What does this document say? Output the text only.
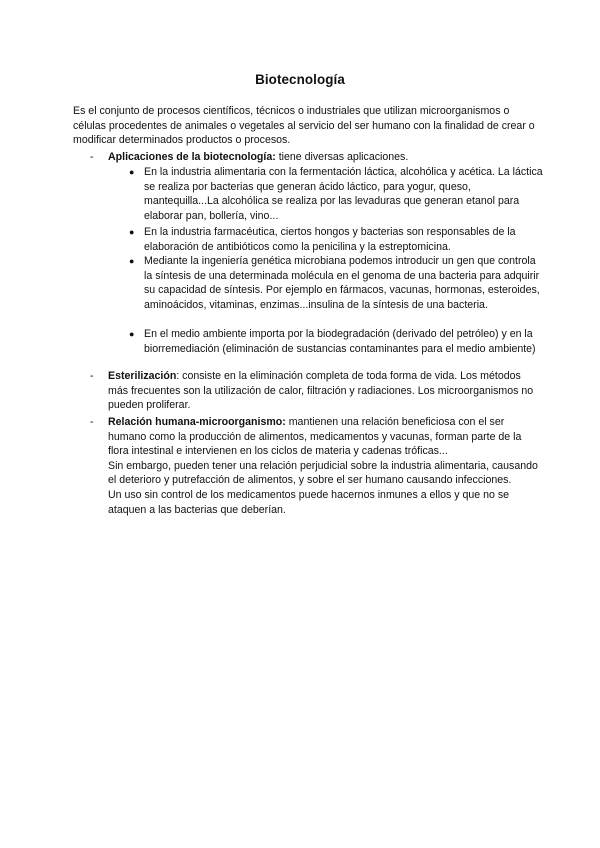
Biotecnología
Es el conjunto de procesos científicos, técnicos o industriales que utilizan microorganismos o células procedentes de animales o vegetales al servicio del ser humano con la finalidad de crear o modificar determinados productos o procesos.
- Aplicaciones de la biotecnología: tiene diversas aplicaciones.
● En la industria alimentaria con la fermentación láctica, alcohólica y acética. La láctica se realiza por bacterias que generan ácido láctico, para yogur, queso, mantequilla...La alcohólica se realiza por las levaduras que generan etanol para elaborar pan, bollería, vino...
● En la industria farmacéutica, ciertos hongos y bacterias son responsables de la elaboración de antibióticos como la penicilina y la estreptomicina.
● Mediante la ingeniería genética microbiana podemos introducir un gen que controla la síntesis de una determinada molécula en el genoma de una bacteria para adquirir su capacidad de síntesis. Por ejemplo en fármacos, vacunas, hormonas, esteroides, aminoácidos, vitaminas, enzimas...insulina de la síntesis de una bacteria.
● En el medio ambiente importa por la biodegradación (derivado del petróleo) y en la biorremediación (eliminación de sustancias contaminantes para el medio ambiente)
- Esterilización: consiste en la eliminación completa de toda forma de vida. Los métodos más frecuentes son la utilización de calor, filtración y radiaciones. Los microorganismos no pueden proliferar.
- Relación humana-microorganismo: mantienen una relación beneficiosa con el ser humano como la producción de alimentos, medicamentos y vacunas, forman parte de la flora intestinal e intervienen en los ciclos de materia y cadenas tróficas...
Sin embargo, pueden tener una relación perjudicial sobre la industria alimentaria, causando el deterioro y putrefacción de alimentos, y sobre el ser humano causando infecciones.
Un uso sin control de los medicamentos puede hacernos inmunes a ellos y que no se ataquen a las bacterias que deberían.
